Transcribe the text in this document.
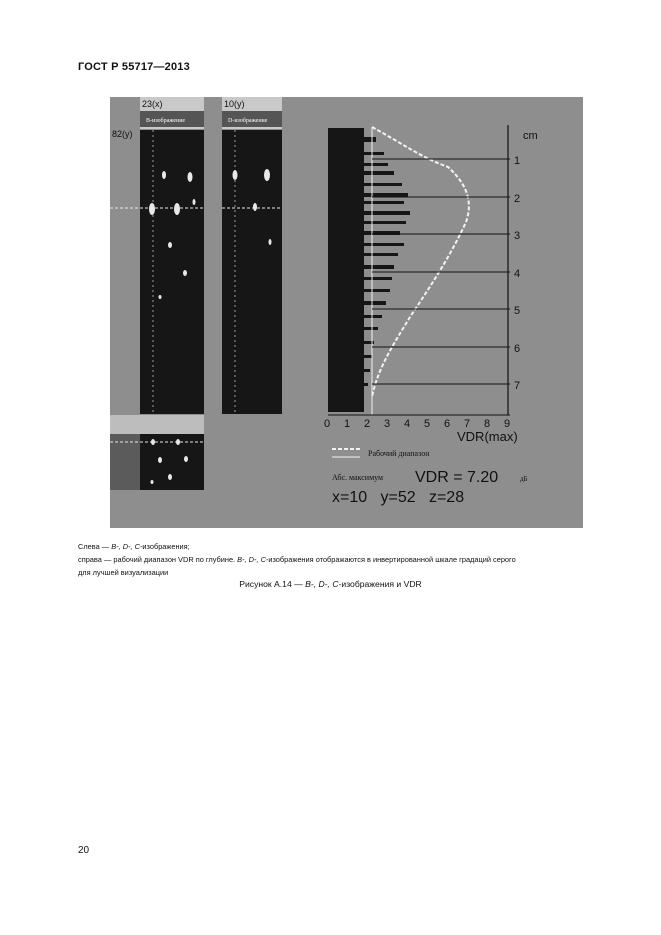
ГОСТ Р 55717—2013
23(x)	10(y)
В-изображение	D-изображение
82(y)	cm
1
2
3
4
5
6
7
0 1 2 3 4 5 6 7 8 9
VDR(max)
Рабочий диапазон
Абс. максимум VDR = 7.20	дБ
x=10   y=52   z=28

Слева — В-, D-, С-изображения;

справа — рабочий диапазон VDR по глубине. В-, D-, С-изображения отображаются в инвертированной шкале градаций серого

для лучшей визуализации

Рисунок А.14 — В-, D-, С-изображения и VDR
20
